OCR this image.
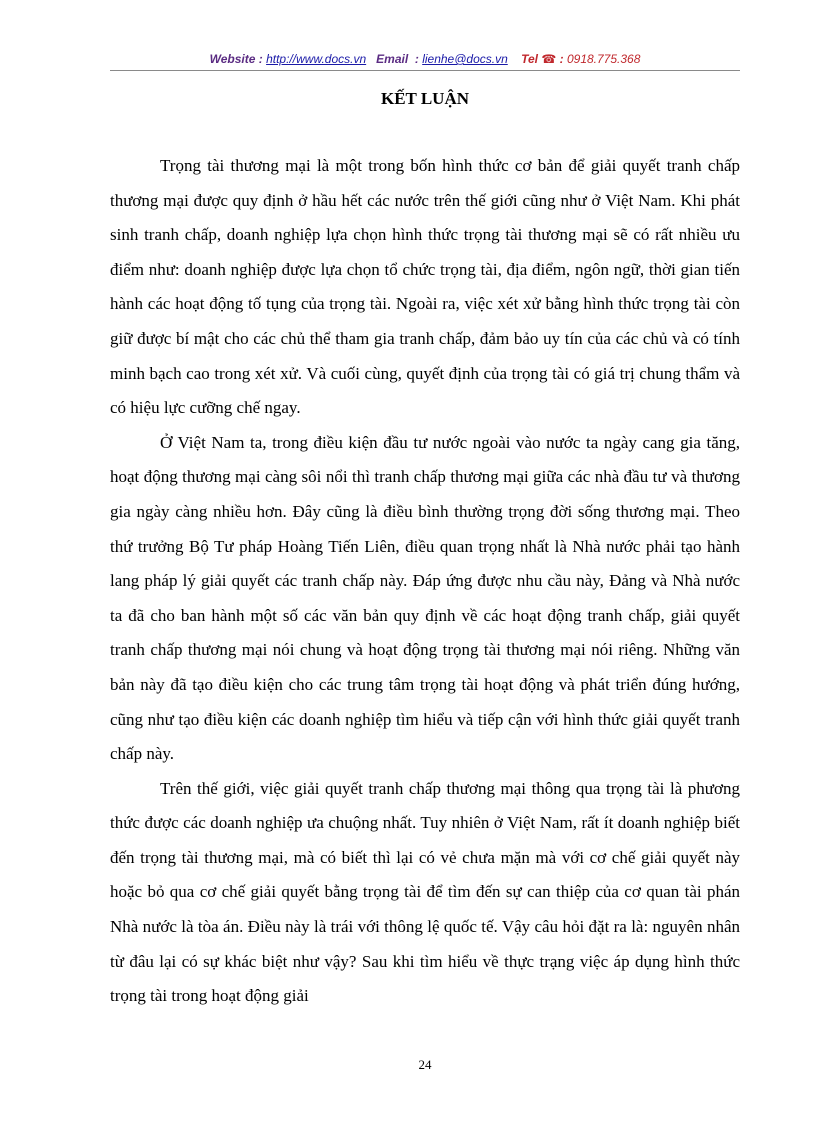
Website : http://www.docs.vn Email : lienhe@docs.vn Tel ☎ : 0918.775.368
KẾT LUẬN

Trọng tài thương mại là một trong bốn hình thức cơ bản để giải quyết tranh chấp thương mại được quy định ở hầu hết các nước trên thế giới cũng như ở Việt Nam. Khi phát sinh tranh chấp, doanh nghiệp lựa chọn hình thức trọng tài thương mại sẽ có rất nhiều ưu điểm như: doanh nghiệp được lựa chọn tổ chức trọng tài, địa điểm, ngôn ngữ, thời gian tiến hành các hoạt động tố tụng của trọng tài. Ngoài ra, việc xét xử bằng hình thức trọng tài còn giữ được bí mật cho các chủ thể tham gia tranh chấp, đảm bảo uy tín của các chủ và có tính minh bạch cao trong xét xử. Và cuối cùng, quyết định của trọng tài có giá trị chung thẩm và có hiệu lực cưỡng chế ngay.

Ở Việt Nam ta, trong điều kiện đầu tư nước ngoài vào nước ta ngày cang gia tăng, hoạt động thương mại càng sôi nổi thì tranh chấp thương mại giữa các nhà đầu tư và thương gia ngày càng nhiều hơn. Đây cũng là điều bình thường trọng đời sống thương mại. Theo thứ trưởng Bộ Tư pháp Hoàng Tiến Liên, điều quan trọng nhất là Nhà nước phải tạo hành lang pháp lý giải quyết các tranh chấp này. Đáp ứng được nhu cầu này, Đảng và Nhà nước ta đã cho ban hành một số các văn bản quy định về các hoạt động tranh chấp, giải quyết tranh chấp thương mại nói chung và hoạt động trọng tài thương mại nói riêng. Những văn bản này đã tạo điều kiện cho các trung tâm trọng tài hoạt động và phát triển đúng hướng, cũng như tạo điều kiện các doanh nghiệp tìm hiểu và tiếp cận với hình thức giải quyết tranh chấp này.

Trên thế giới, việc giải quyết tranh chấp thương mại thông qua trọng tài là phương thức được các doanh nghiệp ưa chuộng nhất. Tuy nhiên ở Việt Nam, rất ít doanh nghiệp biết đến trọng tài thương mại, mà có biết thì lại có vẻ chưa mặn mà với cơ chế giải quyết này hoặc bỏ qua cơ chế giải quyết bằng trọng tài để tìm đến sự can thiệp của cơ quan tài phán Nhà nước là tòa án. Điều này là trái với thông lệ quốc tế. Vậy câu hỏi đặt ra là: nguyên nhân từ đâu lại có sự khác biệt như vậy? Sau khi tìm hiểu về thực trạng việc áp dụng hình thức trọng tài trong hoạt động giải

24
